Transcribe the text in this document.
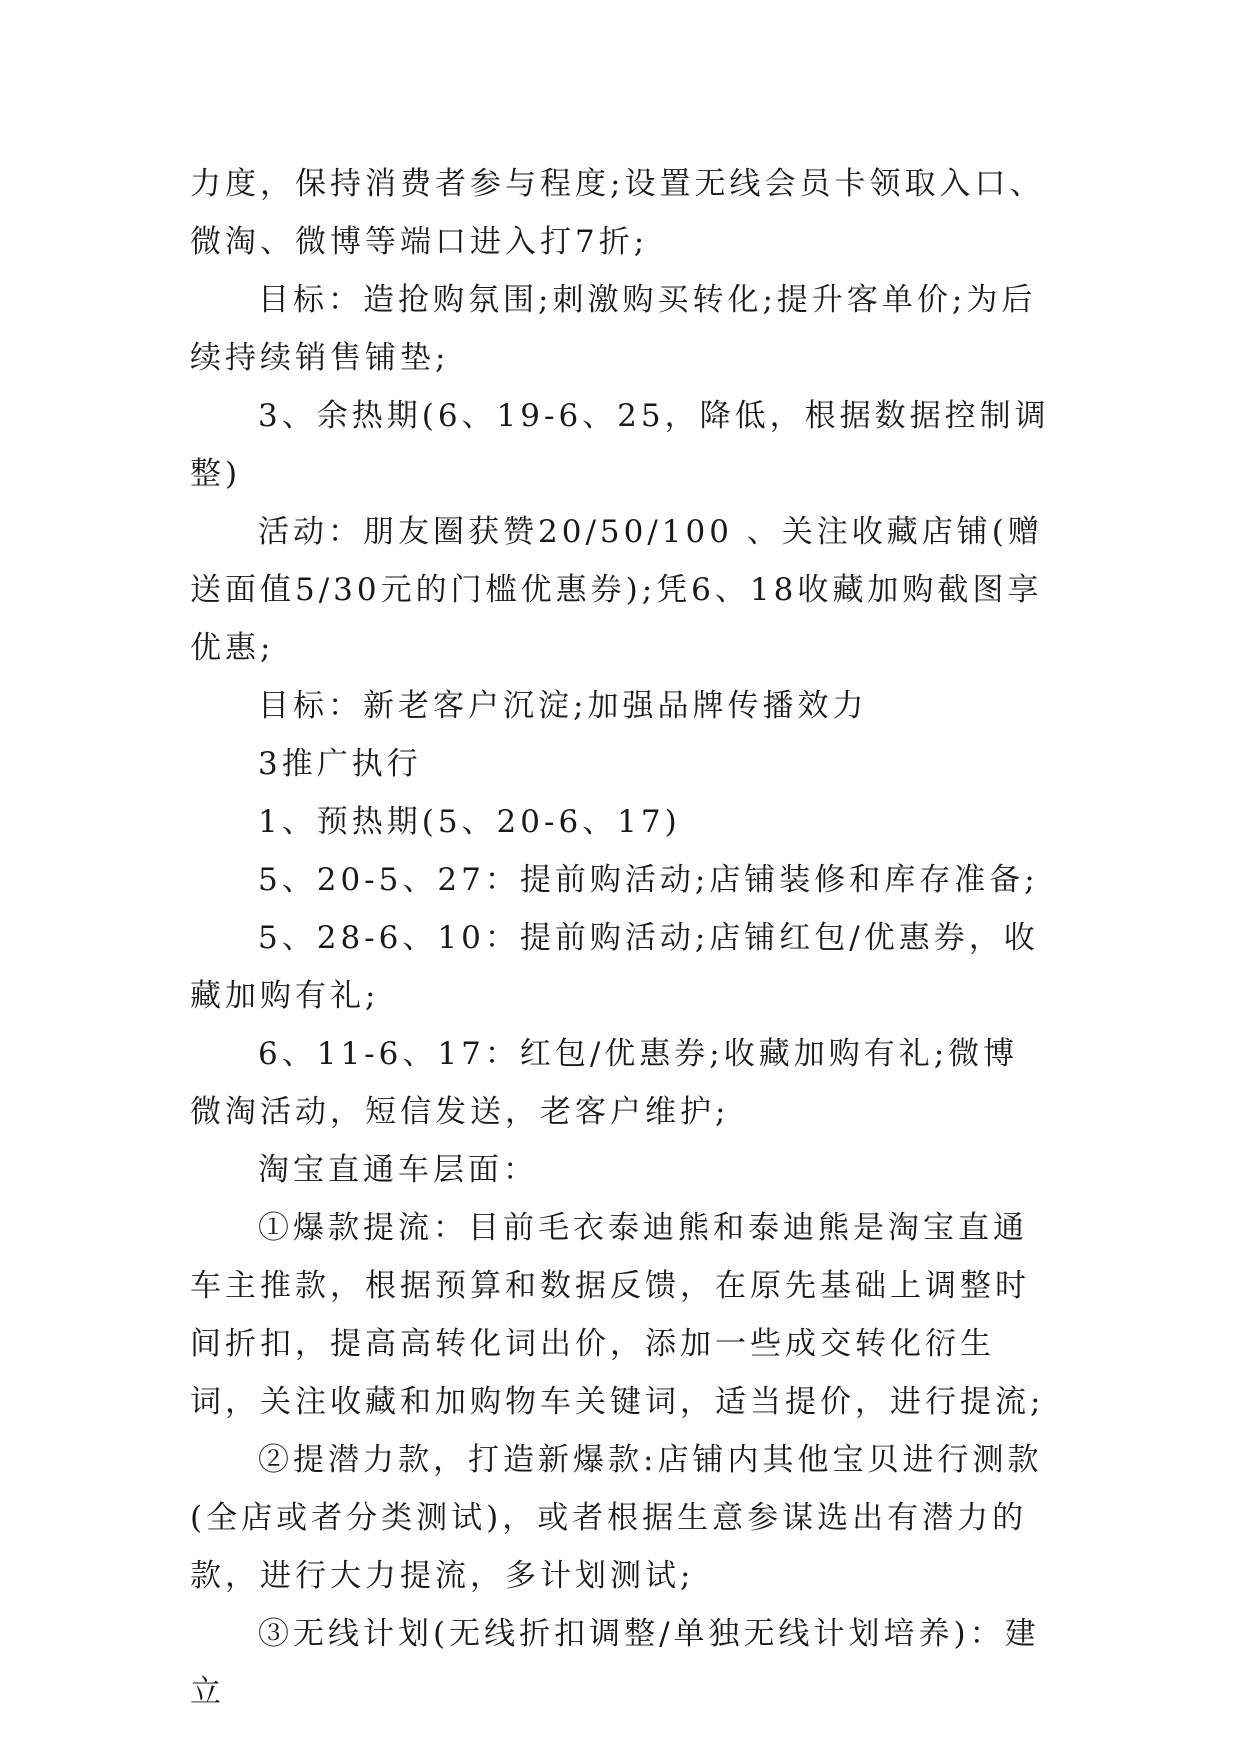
力度，保持消费者参与程度;设置无线会员卡领取入口、微淘、微博等端口进入打7折;

目标：造抢购氛围;刺激购买转化;提升客单价;为后续持续销售铺垫;

3、余热期(6、19-6、25，降低，根据数据控制调整)

活动：朋友圈获赞20/50/100 、关注收藏店铺(赠送面值5/30元的门槛优惠券);凭6、18收藏加购截图享优惠;

目标：新老客户沉淀;加强品牌传播效力

3推广执行

1、预热期(5、20-6、17)

5、20-5、27：提前购活动;店铺装修和库存准备;

5、28-6、10：提前购活动;店铺红包/优惠券，收藏加购有礼;

6、11-6、17：红包/优惠券;收藏加购有礼;微博微淘活动，短信发送，老客户维护;

淘宝直通车层面：

①爆款提流：目前毛衣泰迪熊和泰迪熊是淘宝直通车主推款，根据预算和数据反馈，在原先基础上调整时间折扣，提高高转化词出价，添加一些成交转化衍生词，关注收藏和加购物车关键词，适当提价，进行提流;

②提潜力款，打造新爆款:店铺内其他宝贝进行测款(全店或者分类测试)，或者根据生意参谋选出有潜力的款，进行大力提流，多计划测试;

③无线计划(无线折扣调整/单独无线计划培养)：建立
